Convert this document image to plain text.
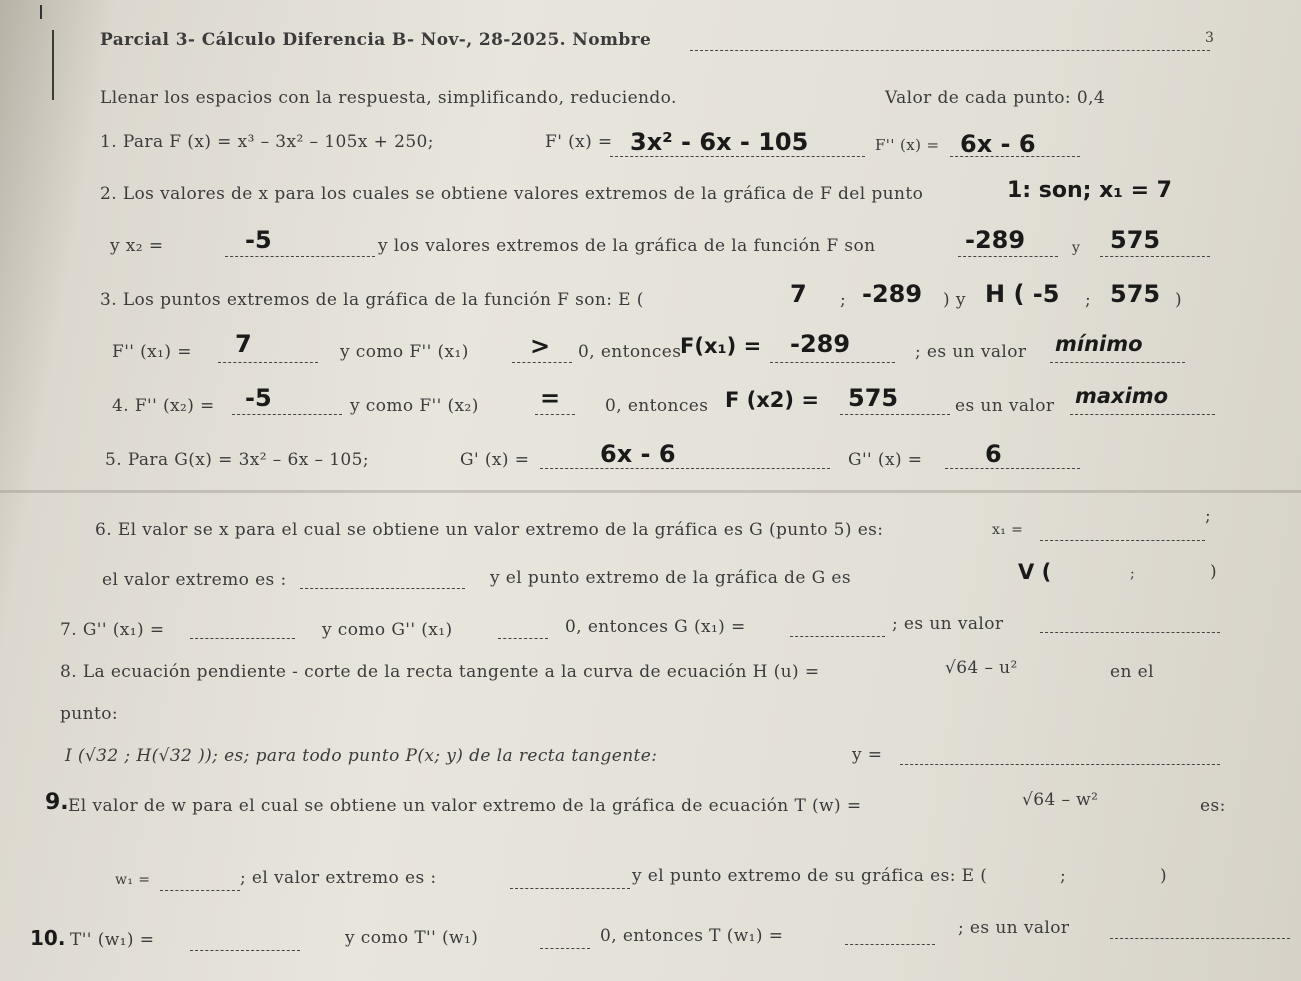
Parcial 3- Cálculo Diferencia B- Nov-, 28-2025. Nombre	3
Llenar los espacios con la respuesta, simplificando, reduciendo.	Valor de cada punto: 0,4
1. Para F (x) = x³ – 3x² – 105x + 250;	F' (x) = 3x² - 6x - 105	F'' (x) = 6x - 6
2. Los valores de x para los cuales se obtiene valores extremos de la gráfica de F del punto	1: son; x₁ = 7
y x₂ =	-5	y los valores extremos de la gráfica de la función F son	-289	y 575
3. Los puntos extremos de la gráfica de la función F son: E (	7 ; -289 ) y H ( -5 ; 575 )
F'' (x₁) = 7	y como F'' (x₁)	> 0, entonces
F(x₁) = -289	; es un valor mínimo
4. F'' (x₂) = -5	y como F'' (x₂)	=	0, entonces F (x2) = 575	es un valor maximo
5. Para G(x) = 3x² – 6x – 105;	G' (x) =	6x - 6	G'' (x) =	6
6. El valor se x para el cual se obtiene un valor extremo de la gráfica es G (punto 5) es:	x₁ =
;
el valor extremo es :	y el punto extremo de la gráfica de G es	V (	;	)
7. G'' (x₁) =	y como G'' (x₁)	0, entonces G (x₁) =	; es un valor
8. La ecuación pendiente - corte de la recta tangente a la curva de ecuación H (u) =	√64 – u²	en el
punto:
I (√32 ; H(√32 )); es; para todo punto P(x; y) de la recta tangente:	y =
9. El valor de w para el cual se obtiene un valor extremo de la gráfica de ecuación T (w) =	√64 – w²	es:
w₁ =	; el valor extremo es :	y el punto extremo de su gráfica es: E (	;	)
10. T'' (w₁) =	y como T'' (w₁)	0, entonces T (w₁) =	; es un valor
